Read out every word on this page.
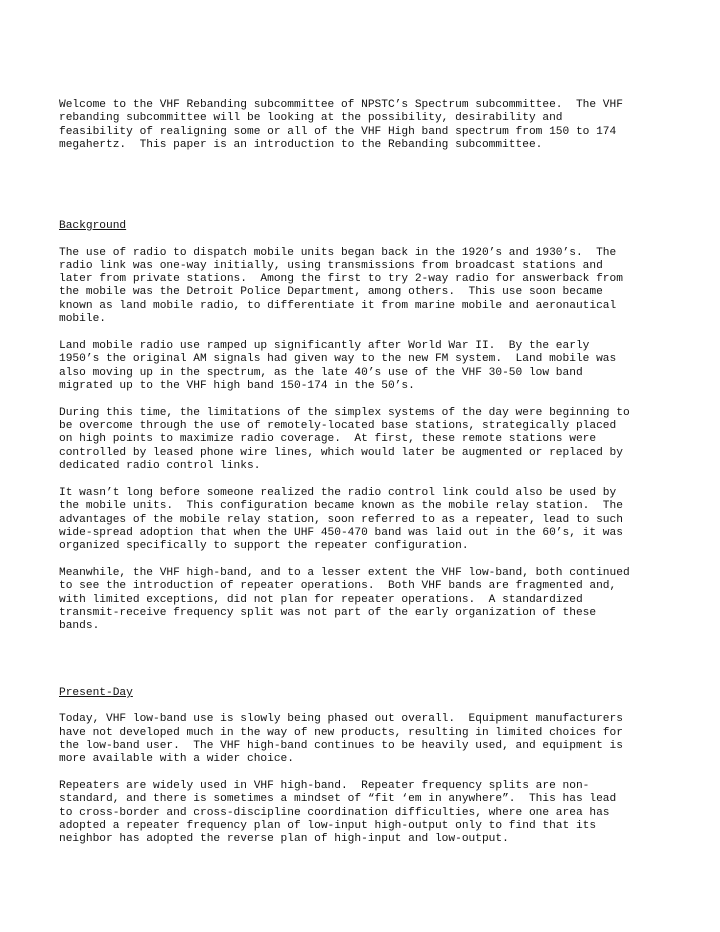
Welcome to the VHF Rebanding subcommittee of NPSTC’s Spectrum subcommittee.  The VHF
rebanding subcommittee will be looking at the possibility, desirability and
feasibility of realigning some or all of the VHF High band spectrum from 150 to 174
megahertz.  This paper is an introduction to the Rebanding subcommittee.
Background
The use of radio to dispatch mobile units began back in the 1920’s and 1930’s.  The
radio link was one-way initially, using transmissions from broadcast stations and
later from private stations.  Among the first to try 2-way radio for answerback from
the mobile was the Detroit Police Department, among others.  This use soon became
known as land mobile radio, to differentiate it from marine mobile and aeronautical
mobile.
Land mobile radio use ramped up significantly after World War II.  By the early
1950’s the original AM signals had given way to the new FM system.  Land mobile was
also moving up in the spectrum, as the late 40’s use of the VHF 30-50 low band
migrated up to the VHF high band 150-174 in the 50’s.
During this time, the limitations of the simplex systems of the day were beginning to
be overcome through the use of remotely-located base stations, strategically placed
on high points to maximize radio coverage.  At first, these remote stations were
controlled by leased phone wire lines, which would later be augmented or replaced by
dedicated radio control links.
It wasn’t long before someone realized the radio control link could also be used by
the mobile units.  This configuration became known as the mobile relay station.  The
advantages of the mobile relay station, soon referred to as a repeater, lead to such
wide-spread adoption that when the UHF 450-470 band was laid out in the 60’s, it was
organized specifically to support the repeater configuration.
Meanwhile, the VHF high-band, and to a lesser extent the VHF low-band, both continued
to see the introduction of repeater operations.  Both VHF bands are fragmented and,
with limited exceptions, did not plan for repeater operations.  A standardized
transmit-receive frequency split was not part of the early organization of these
bands.
Present-Day
Today, VHF low-band use is slowly being phased out overall.  Equipment manufacturers
have not developed much in the way of new products, resulting in limited choices for
the low-band user.  The VHF high-band continues to be heavily used, and equipment is
more available with a wider choice.
Repeaters are widely used in VHF high-band.  Repeater frequency splits are non-
standard, and there is sometimes a mindset of “fit ‘em in anywhere”.  This has lead
to cross-border and cross-discipline coordination difficulties, where one area has
adopted a repeater frequency plan of low-input high-output only to find that its
neighbor has adopted the reverse plan of high-input and low-output.
